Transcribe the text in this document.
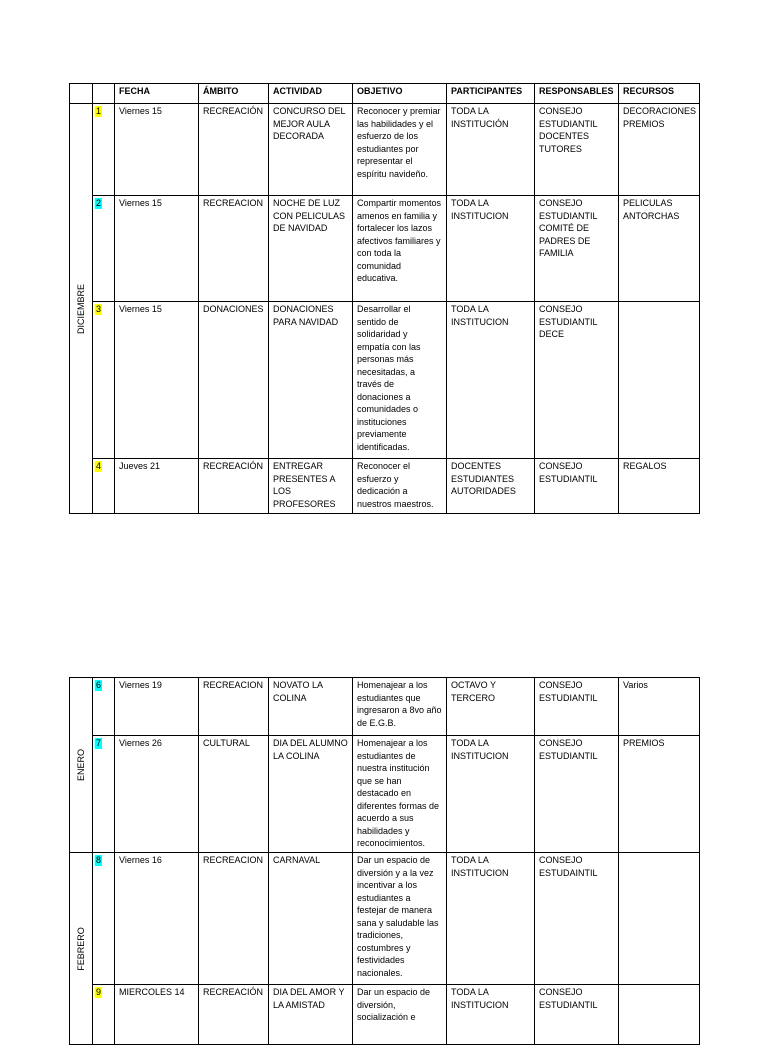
		FECHA	ÁMBITO	ACTIVIDAD	OBJETIVO	PARTICIPANTES	RESPONSABLES	RECURSOS

DICIEMBRE	1	Viernes 15	RECREACIÓN	CONCURSO DEL MEJOR AULA DECORADA	Reconocer y premiar las habilidades y el esfuerzo de los estudiantes por representar el espíritu navideño.	TODA LA INSTITUCIÓN	CONSEJO ESTUDIANTIL DOCENTES TUTORES	DECORACIONES PREMIOS
	2	Viernes 15	RECREACION	NOCHE DE LUZ CON PELICULAS DE NAVIDAD	Compartir momentos amenos en familia y fortalecer los lazos afectivos familiares y con toda la comunidad educativa.	TODA LA INSTITUCION	CONSEJO ESTUDIANTIL COMITÉ DE PADRES DE FAMILIA	PELICULAS ANTORCHAS
	3	Viernes 15	DONACIONES	DONACIONES PARA NAVIDAD	Desarrollar el sentido de solidaridad y empatía con las personas más necesitadas, a través de donaciones a comunidades o instituciones previamente identificadas.	TODA LA INSTITUCION	CONSEJO ESTUDIANTIL DECE	
	4	Jueves 21	RECREACIÓN	ENTREGAR PRESENTES A LOS PROFESORES	Reconocer el esfuerzo y dedicación a nuestros maestros.	DOCENTES ESTUDIANTES AUTORIDADES	CONSEJO ESTUDIANTIL	REGALOS
ENERO	6	Viernes 19	RECREACION	NOVATO LA COLINA	Homenajear a los estudiantes que ingresaron a 8vo año de E.G.B.	OCTAVO Y TERCERO	CONSEJO ESTUDIANTIL	Varios
	7	Viernes 26	CULTURAL	DIA DEL ALUMNO LA COLINA	Homenajear a los estudiantes de nuestra institución que se han destacado en diferentes formas de acuerdo a sus habilidades y reconocimientos.	TODA LA INSTITUCION	CONSEJO ESTUDIANTIL	PREMIOS

FEBRERO	8	Viernes 16	RECREACION	CARNAVAL	Dar un espacio de diversión y a la vez incentivar a los estudiantes a festejar de manera sana y saludable las tradiciones, costumbres y festividades nacionales.	TODA LA INSTITUCION	CONSEJO ESTUDAINTIL	
	9	MIERCOLES 14	RECREACIÓN	DIA DEL AMOR Y LA AMISTAD	Dar un espacio de diversión, socialización e	TODA LA INSTITUCION	CONSEJO ESTUDIANTIL	
